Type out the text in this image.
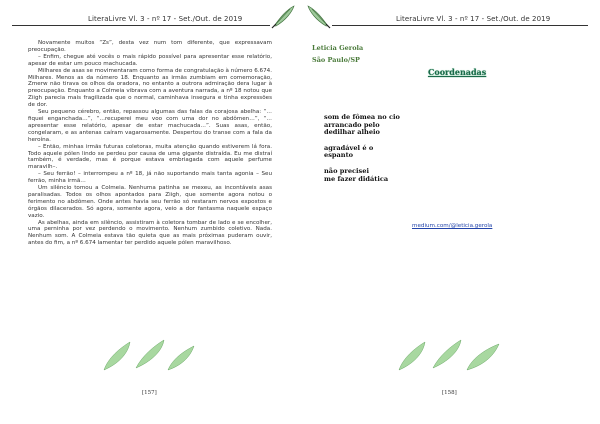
LiteraLivre Vl. 3 - nº 17 - Set./Out. de 2019

Novamente muitos “Zs”, desta vez num tom diferente, que expressavam preocupação.

– Enfim, chegue até vocês o mais rápido possível para apresentar esse relatório, apesar de estar um pouco machucada.

Milhares de asas se movimentaram como forma de congratulação à número 6.674. Milhares. Menos as da número 18. Enquanto as irmãs zumbiam em comemoração, Zmerw não tirava os olhos da oradora, no entanto a outrora admiração dera lugar à preocupação. Enquanto a Colmeia vibrava com a aventura narrada, a nº 18 notou que Ziigh parecia mais fragilizada que o normal, caminhava insegura e tinha expressões de dor.

Seu pequeno cérebro, então, repassou algumas das falas da corajosa abelha: “…fiquei enganchada…”, “…recuperei meu voo com uma dor no abdômen…”, “…apresentar esse relatório, apesar de estar machucada…”. Suas asas, então, congelaram, e as antenas caíram vagarosamente. Despertou do transe com a fala da heroína.

– Então, minhas irmãs futuras coletoras, muita atenção quando estiverem lá fora. Todo aquele pólen lindo se perdeu por causa de uma gigante distraída. Eu me distraí também, é verdade, mas é porque estava embriagada com aquele perfume maravilh–.

– Seu ferrão! – interrompeu a nº 18, já não suportando mais tanta agonia – Seu ferrão, minha irmã…

Um silêncio tomou a Colmeia. Nenhuma patinha se mexeu, as incontáveis asas paralisadas. Todos os olhos apontados para Ziigh, que somente agora notou o ferimento no abdômen. Onde antes havia seu ferrão só restaram nervos expostos e órgãos dilacerados. Só agora, somente agora, veio a dor fantasma naquele espaço vazio.

As abelhas, ainda em silêncio, assistiram à coletora tombar de lado e se encolher, uma perninha por vez perdendo o movimento. Nenhum zumbido coletivo. Nada. Nenhum som. A Colmeia estava tão quieta que as mais próximas puderam ouvir, antes do fim, a nº 6.674 lamentar ter perdido aquele pólen maravilhoso.

[157]
LiteraLivre Vl. 3 - nº 17 - Set./Out. de 2019
Leticia Gerola
São Paulo/SP
Coordenadas
som de fômea no cio
arrancado pelo
dedilhar alheio
agradável é o
espanto
não precisei
me fazer didática
medium.com/@leticia.gerola
[158]
